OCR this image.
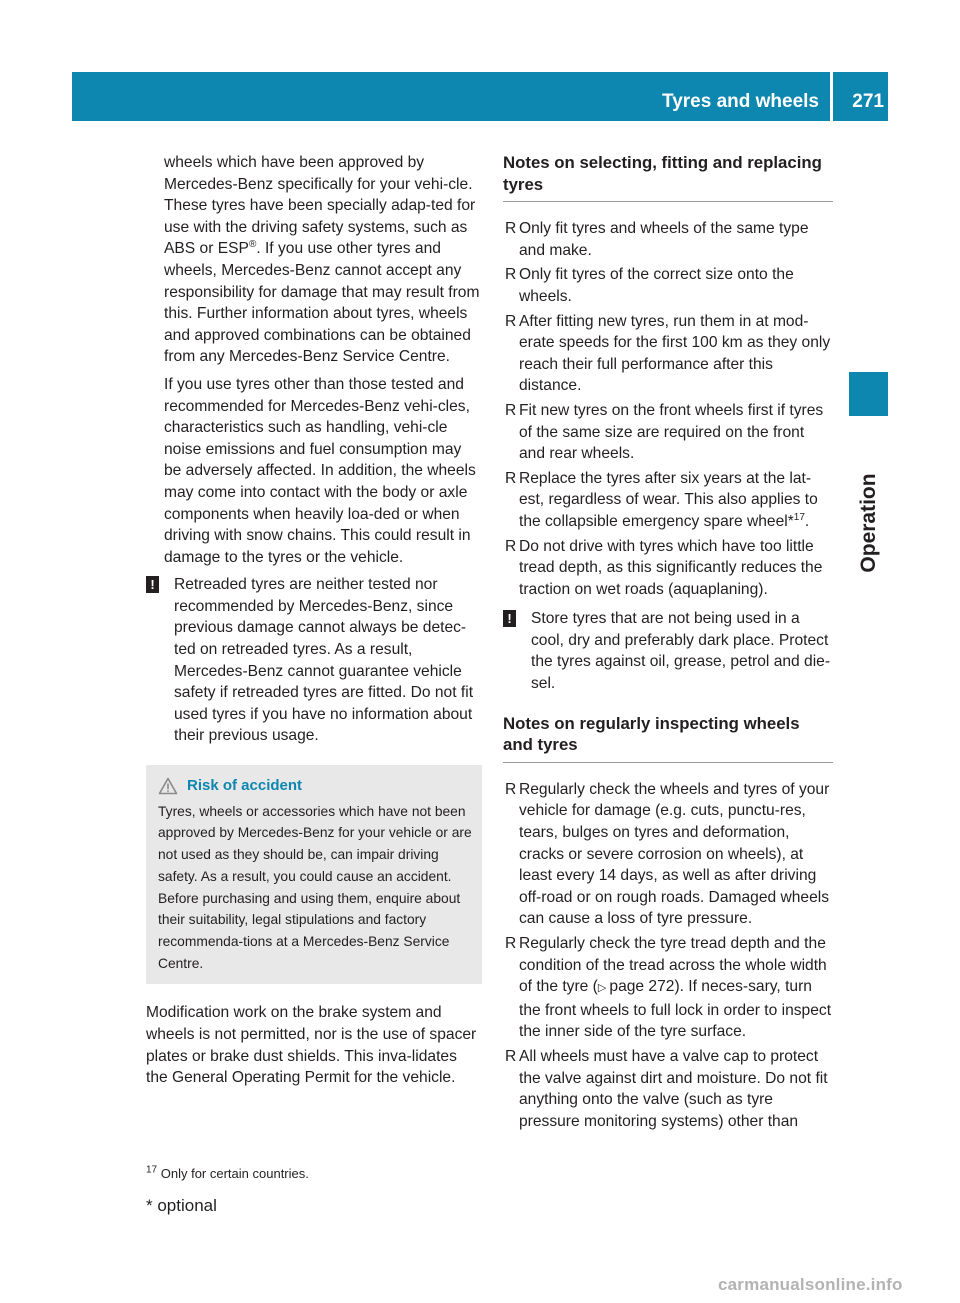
Tyres and wheels 271
Operation

wheels which have been approved by Mercedes-Benz specifically for your vehi-cle. These tyres have been specially adap-ted for use with the driving safety systems, such as ABS or ESP®. If you use other tyres and wheels, Mercedes-Benz cannot accept any responsibility for damage that may result from this. Further information about tyres, wheels and approved combinations can be obtained from any Mercedes-Benz Service Centre.

If you use tyres other than those tested and recommended for Mercedes-Benz vehi-cles, characteristics such as handling, vehi-cle noise emissions and fuel consumption may be adversely affected. In addition, the wheels may come into contact with the body or axle components when heavily loa-ded or when driving with snow chains. This could result in damage to the tyres or the vehicle.

! Retreaded tyres are neither tested nor recommended by Mercedes-Benz, since previous damage cannot always be detec-ted on retreaded tyres. As a result, Mercedes-Benz cannot guarantee vehicle safety if retreaded tyres are fitted. Do not fit used tyres if you have no information about their previous usage.
Risk of accident
Tyres, wheels or accessories which have not been approved by Mercedes-Benz for your vehicle or are not used as they should be, can impair driving safety. As a result, you could cause an accident. Before purchasing and using them, enquire about their suitability, legal stipulations and factory recommenda-tions at a Mercedes-Benz Service Centre.

Modification work on the brake system and wheels is not permitted, nor is the use of spacer plates or brake dust shields. This inva-lidates the General Operating Permit for the vehicle.

Notes on selecting, fitting and replacing tyres
R Only fit tyres and wheels of the same type and make.
R Only fit tyres of the correct size onto the wheels.
R After fitting new tyres, run them in at mod-erate speeds for the first 100 km as they only reach their full performance after this distance.
R Fit new tyres on the front wheels first if tyres of the same size are required on the front and rear wheels.
R Replace the tyres after six years at the lat-est, regardless of wear. This also applies to the collapsible emergency spare wheel*$^{17}$.
R Do not drive with tyres which have too little tread depth, as this significantly reduces the traction on wet roads (aquaplaning).
! Store tyres that are not being used in a cool, dry and preferably dark place. Protect the tyres against oil, grease, petrol and die-sel.
Notes on regularly inspecting wheels and tyres
R Regularly check the wheels and tyres of your vehicle for damage (e.g. cuts, punctu-res, tears, bulges on tyres and deformation, cracks or severe corrosion on wheels), at least every 14 days, as well as after driving off-road or on rough roads. Damaged wheels can cause a loss of tyre pressure.
R Regularly check the tyre tread depth and the condition of the tread across the whole width of the tyre (▷ page 272). If neces-sary, turn the front wheels to full lock in order to inspect the inner side of the tyre surface.
R All wheels must have a valve cap to protect the valve against dirt and moisture. Do not fit anything onto the valve (such as tyre pressure monitoring systems) other than
$^{17}$ Only for certain countries.
* optional
carmanualsonline.info
